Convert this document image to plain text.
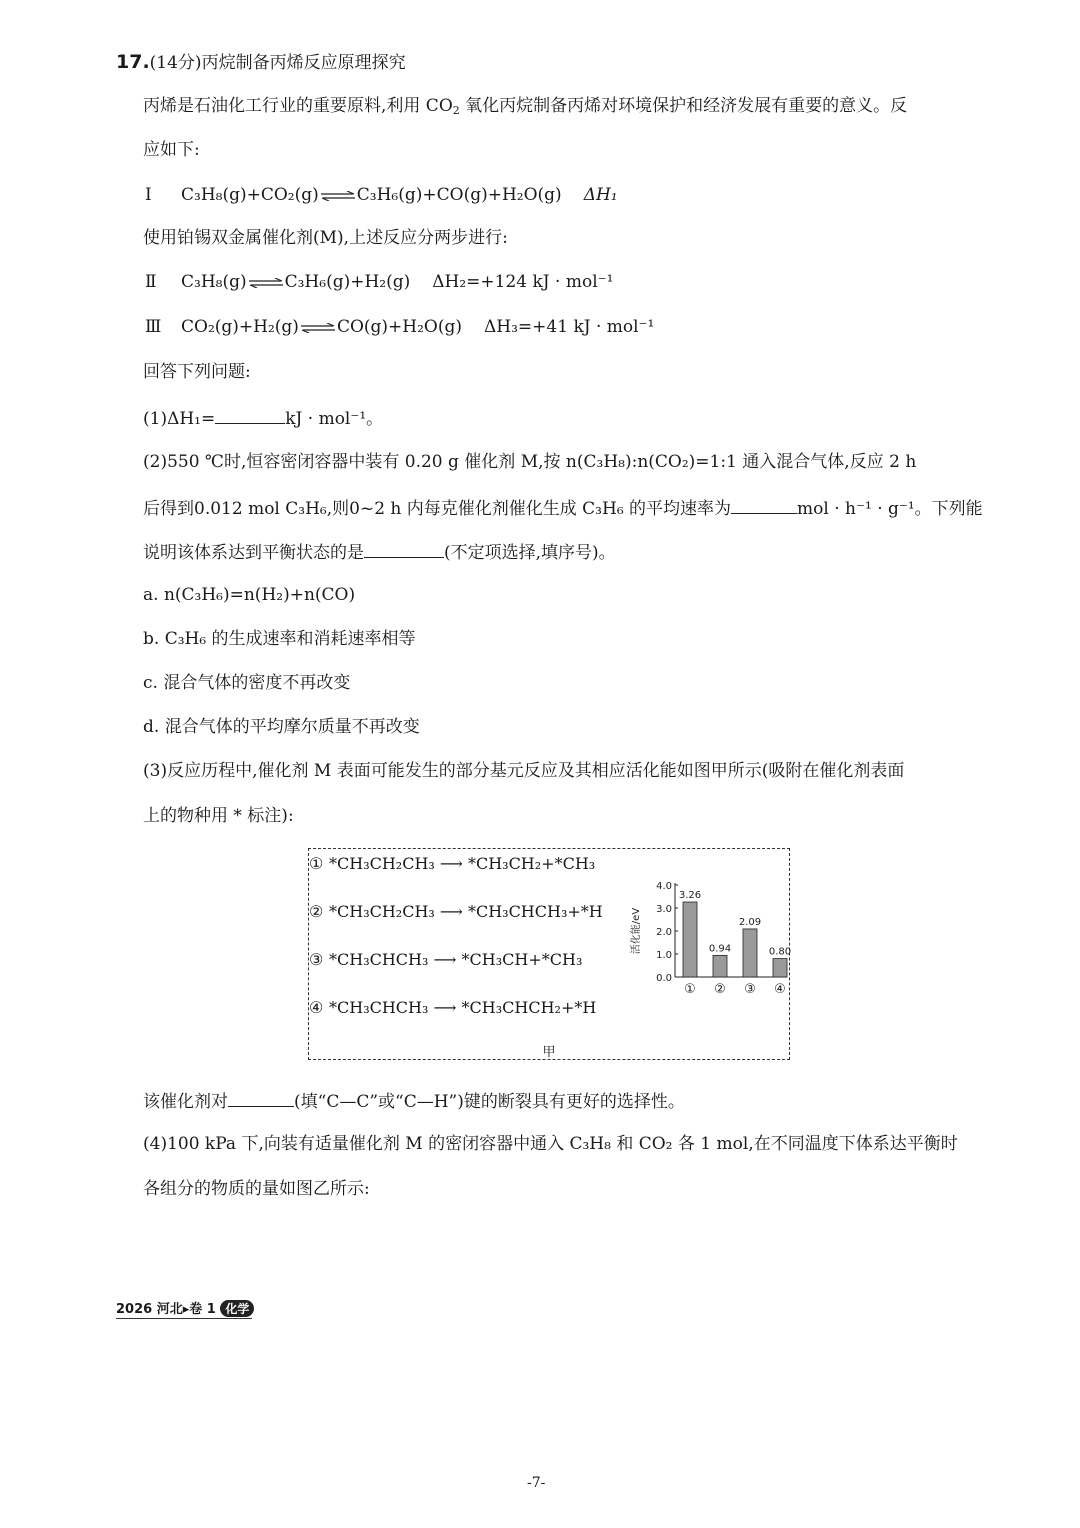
17.(14分)丙烷制备丙烯反应原理探究
丙烯是石油化工行业的重要原料,利用 $CO_2$ 氧化丙烷制备丙烯对环境保护和经济发展有重要的意义。反
应如下:
Ⅰ C₃H₈(g)+CO₂(g)⇌C₃H₆(g)+CO(g)+H₂O(g) ΔH₁
使用铂锡双金属催化剂(M),上述反应分两步进行:
Ⅱ C₃H₈(g)⇌C₃H₆(g)+H₂(g) ΔH₂=+124 kJ · mol⁻¹
Ⅲ CO₂(g)+H₂(g)⇌CO(g)+H₂O(g) ΔH₃=+41 kJ · mol⁻¹
回答下列问题:
(1)ΔH₁=	kJ · mol⁻¹。
(2)550 ℃时,恒容密闭容器中装有 0.20 g 催化剂 M,按 n(C₃H₈):n(CO₂)=1:1 通入混合气体,反应 2 h
后得到0.012 mol C₃H₆,则0~2 h 内每克催化剂催化生成 C₃H₆ 的平均速率为	mol · h⁻¹ · g⁻¹。下列能
说明该体系达到平衡状态的是	(不定项选择,填序号)。
a. n(C₃H₆)=n(H₂)+n(CO)
b. C₃H₆ 的生成速率和消耗速率相等
c. 混合气体的密度不再改变
d. 混合气体的平均摩尔质量不再改变
(3)反应历程中,催化剂 M 表面可能发生的部分基元反应及其相应活化能如图甲所示(吸附在催化剂表面
上的物种用 * 标注):
① *CH₃CH₂CH₃ ⟶ *CH₃CH₂+*CH₃
② *CH₃CH₂CH₃ ⟶ *CH₃CHCH₃+*H
③ *CH₃CHCH₃ ⟶ *CH₃CH+*CH₃
④ *CH₃CHCH₃ ⟶ *CH₃CHCH₂+*H
0.0
1.0
2.0
3.0
4.0
活化能/eV
3.26
①
0.94
②
2.09
③
0.80
④
甲
该催化剂对	(填“C—C”或“C—H”)键的断裂具有更好的选择性。
(4)100 kPa 下,向装有适量催化剂 M 的密闭容器中通入 C₃H₈ 和 CO₂ 各 1 mol,在不同温度下体系达平衡时
各组分的物质的量如图乙所示:
2026 河北▸卷 1 化学
-7-
